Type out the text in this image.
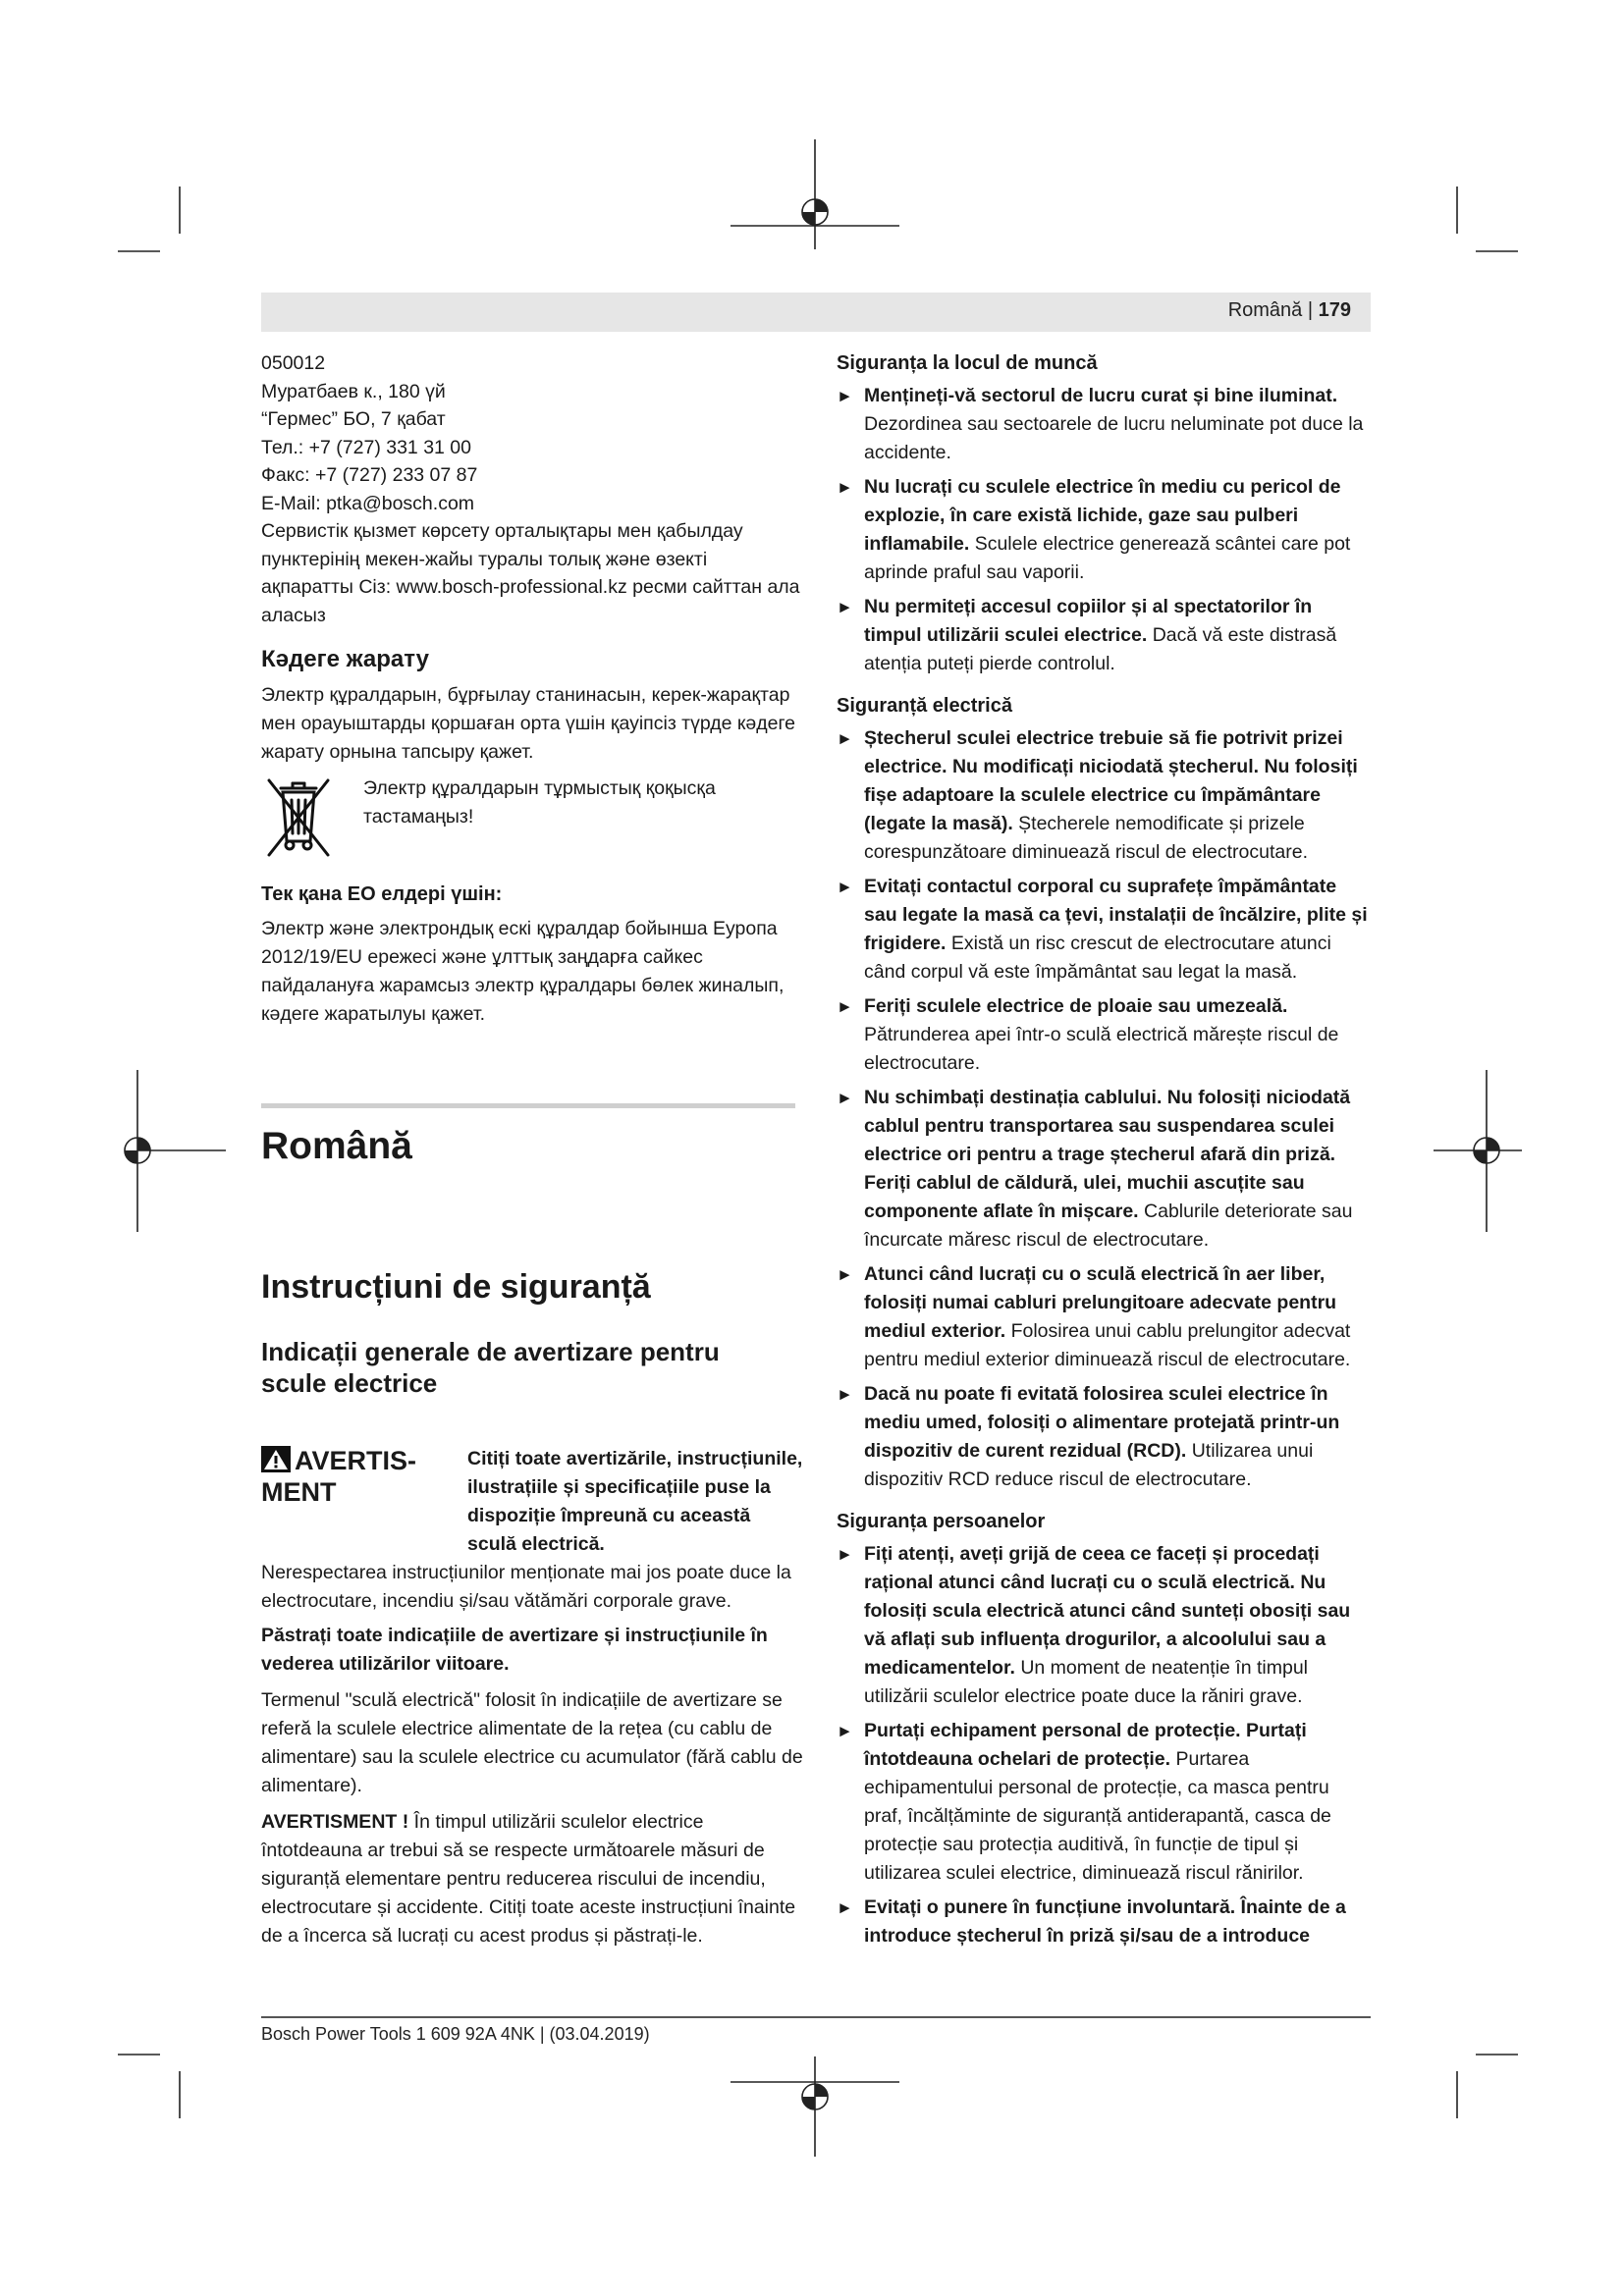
Română | 179

050012

Муратбаев к., 180 үй

“Гермес” БО, 7 қабат

Тел.: +7 (727) 331 31 00

Факс: +7 (727) 233 07 87

E-Mail: ptka@bosch.com

Сервистік қызмет көрсету орталықтары мен қабылдау пунктерінің мекен-жайы туралы толық және өзекті ақпаратты Сіз: www.bosch-professional.kz ресми сайттан ала аласыз

Кәдеге жарату

Электр құралдарын, бұрғылау станинасын, керек-жарақтар мен орауыштарды қоршаған орта үшін қауіпсіз түрде кәдеге жарату орнына тапсыру қажет.

Электр құралдарын тұрмыстық қоқысқа тастамаңыз!
Тек қана ЕО елдері үшін:

Электр және электрондық ескі құралдар бойынша Еуропа 2012/19/EU ережесі және ұлттық заңдарға сайкес пайдалануға жарамсыз электр құралдары бөлек жиналып, кәдеге жаратылуы қажет.

Română
Instrucțiuni de siguranță
Indicații generale de avertizare pentru scule electrice
AVERTIS-MENT
Citiți toate avertizările, instrucțiunile, ilustrațiile și specificațiile puse la dispoziție împreună cu această sculă electrică.

Nerespectarea instrucțiunilor menționate mai jos poate duce la electrocutare, incendiu și/sau vătămări corporale grave.

Păstrați toate indicațiile de avertizare și instrucțiunile în vederea utilizărilor viitoare.

Termenul "sculă electrică" folosit în indicațiile de avertizare se referă la sculele electrice alimentate de la rețea (cu cablu de alimentare) sau la sculele electrice cu acumulator (fără cablu de alimentare).

AVERTISMENT ! În timpul utilizării sculelor electrice întotdeauna ar trebui să se respecte următoarele măsuri de siguranță elementare pentru reducerea riscului de incendiu, electrocutare și accidente. Citiți toate aceste instrucțiuni înainte de a încerca să lucrați cu acest produs și păstrați-le.

Siguranța la locul de muncă
► Mențineți-vă sectorul de lucru curat și bine iluminat. Dezordinea sau sectoarele de lucru neluminate pot duce la accidente.
► Nu lucrați cu sculele electrice în mediu cu pericol de explozie, în care există lichide, gaze sau pulberi inflamabile. Sculele electrice generează scântei care pot aprinde praful sau vaporii.
► Nu permiteți accesul copiilor și al spectatorilor în timpul utilizării sculei electrice. Dacă vă este distrasă atenția puteți pierde controlul.
Siguranță electrică
► Ștecherul sculei electrice trebuie să fie potrivit prizei electrice. Nu modificați niciodată ștecherul. Nu folosiți fișe adaptoare la sculele electrice cu împământare (legate la masă). Ștecherele nemodificate și prizele corespunzătoare diminuează riscul de electrocutare.
► Evitați contactul corporal cu suprafețe împământate sau legate la masă ca țevi, instalații de încălzire, plite și frigidere. Există un risc crescut de electrocutare atunci când corpul vă este împământat sau legat la masă.
► Feriți sculele electrice de ploaie sau umezeală. Pătrunderea apei într-o sculă electrică mărește riscul de electrocutare.
► Nu schimbați destinația cablului. Nu folosiți niciodată cablul pentru transportarea sau suspendarea sculei electrice ori pentru a trage ștecherul afară din priză. Feriți cablul de căldură, ulei, muchii ascuțite sau componente aflate în mișcare. Cablurile deteriorate sau încurcate măresc riscul de electrocutare.
► Atunci când lucrați cu o sculă electrică în aer liber, folosiți numai cabluri prelungitoare adecvate pentru mediul exterior. Folosirea unui cablu prelungitor adecvat pentru mediul exterior diminuează riscul de electrocutare.
► Dacă nu poate fi evitată folosirea sculei electrice în mediu umed, folosiți o alimentare protejată printr-un dispozitiv de curent rezidual (RCD). Utilizarea unui dispozitiv RCD reduce riscul de electrocutare.
Siguranța persoanelor
► Fiți atenți, aveți grijă de ceea ce faceți și procedați rațional atunci când lucrați cu o sculă electrică. Nu folosiți scula electrică atunci când sunteți obosiți sau vă aflați sub influența drogurilor, a alcoolului sau a medicamentelor. Un moment de neatenție în timpul utilizării sculelor electrice poate duce la răniri grave.
► Purtați echipament personal de protecție. Purtați întotdeauna ochelari de protecție. Purtarea echipamentului personal de protecție, ca masca pentru praf, încălțăminte de siguranță antiderapantă, casca de protecție sau protecția auditivă, în funcție de tipul și utilizarea sculei electrice, diminuează riscul rănirilor.
► Evitați o punere în funcțiune involuntară. Înainte de a introduce ștecherul în priză și/sau de a introduce
Bosch Power Tools 1 609 92A 4NK | (03.04.2019)
